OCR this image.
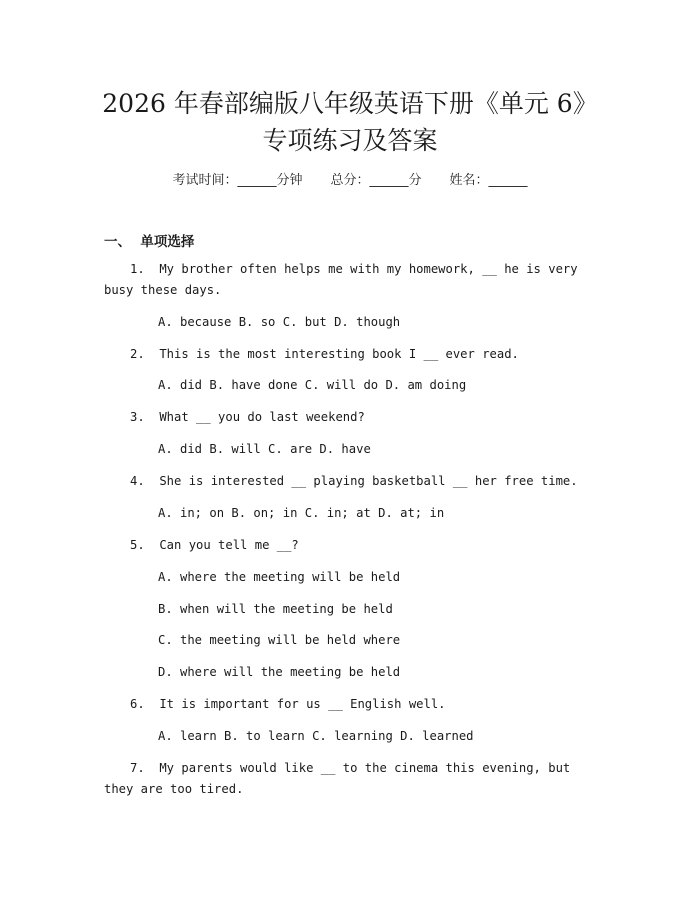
2026 年春部编版八年级英语下册《单元 6》
专项练习及答案
考试时间：______分钟 总分：______分 姓名：______
一、  单项选择
1.  My brother often helps me with my homework, __ he is very busy these days.
A. because B. so C. but D. though
2.  This is the most interesting book I __ ever read.
A. did B. have done C. will do D. am doing
3.  What __ you do last weekend?
A. did B. will C. are D. have
4.  She is interested __ playing basketball __ her free time.
A. in; on B. on; in C. in; at D. at; in
5.  Can you tell me __?
A. where the meeting will be held
B. when will the meeting be held
C. the meeting will be held where
D. where will the meeting be held
6.  It is important for us __ English well.
A. learn B. to learn C. learning D. learned
7.  My parents would like __ to the cinema this evening, but they are too tired.
